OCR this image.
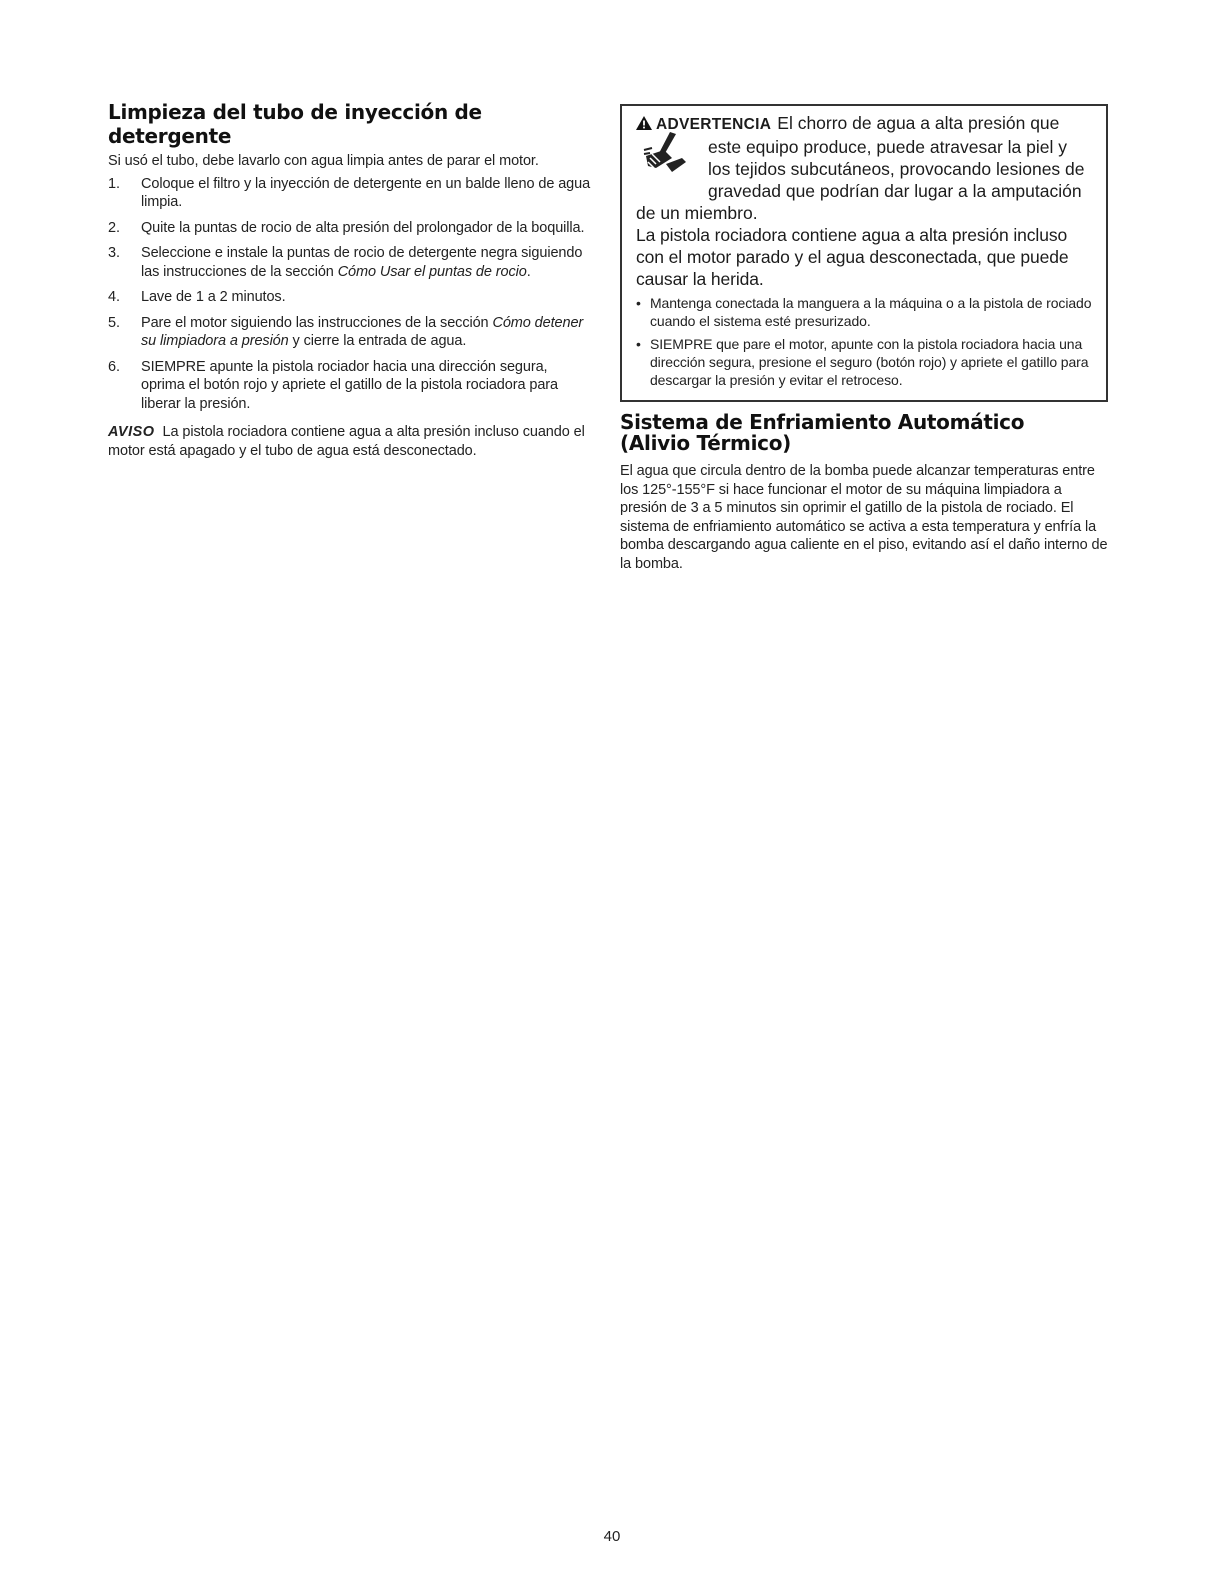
Limpieza del tubo de inyección de detergente

Si usó el tubo, debe lavarlo con agua limpia antes de parar el motor.

1. Coloque el filtro y la inyección de detergente en un balde lleno de agua limpia.
2. Quite la puntas de rocio de alta presión del prolongador de la boquilla.
3. Seleccione e instale la puntas de rocio de detergente negra siguiendo las instrucciones de la sección Cómo Usar el puntas de rocio.
4. Lave de 1 a 2 minutos.
5. Pare el motor siguiendo las instrucciones de la sección Cómo detener su limpiadora a presión y cierre la entrada de agua.
6. SIEMPRE apunte la pistola rociador hacia una dirección segura, oprima el botón rojo y apriete el gatillo de la pistola rociadora para liberar la presión.

AVISO La pistola rociadora contiene agua a alta presión incluso cuando el motor está apagado y el tubo de agua está desconectado.

ADVERTENCIA El chorro de agua a alta presión que
este equipo produce, puede atravesar la piel y
los tejidos subcutáneos, provocando lesiones de
gravedad que podrían dar lugar a la amputación
de un miembro.

La pistola rociadora contiene agua a alta presión incluso con el motor parado y el agua desconectada, que puede causar la herida.

• Mantenga conectada la manguera a la máquina o a la pistola de rociado cuando el sistema esté presurizado.
• SIEMPRE que pare el motor, apunte con la pistola rociadora hacia una dirección segura, presione el seguro (botón rojo) y apriete el gatillo para descargar la presión y evitar el retroceso.
Sistema de Enfriamiento Automático
(Alivio Térmico)

El agua que circula dentro de la bomba puede alcanzar temperaturas entre los 125°-155°F si hace funcionar el motor de su máquina limpiadora a presión de 3 a 5 minutos sin oprimir el gatillo de la pistola de rociado. El sistema de enfriamiento automático se activa a esta temperatura y enfría la bomba descargando agua caliente en el piso, evitando así el daño interno de la bomba.

40
